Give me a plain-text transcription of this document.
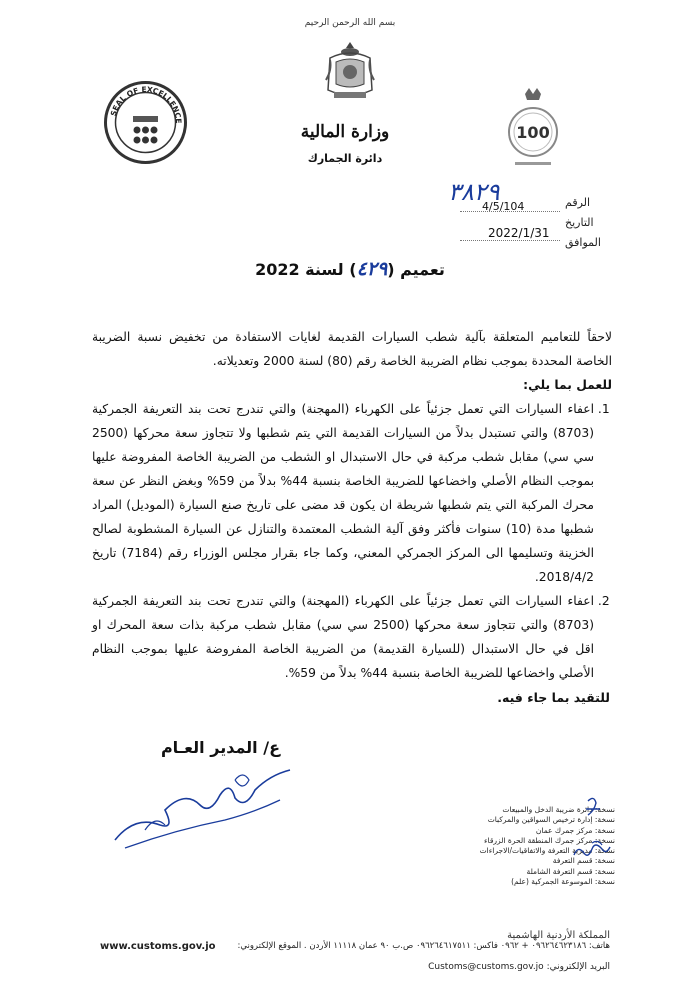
بسم الله الرحمن الرحيم
وزارة المالية
دائرة الجمارك
SEAL OF EXCELLENCE
100
٣٨٢٩	الرقم
4/5/104
التاريخ
الموافق
2022/1/31
تعميم (٤٢٩) لسنة 2022

لاحقاً للتعاميم المتعلقة بآلية شطب السيارات القديمة لغايات الاستفادة من تخفيض نسبة الضريبة الخاصة المحددة بموجب نظام الضريبة الخاصة رقم (80) لسنة 2000 وتعديلاته.

للعمل بما يلي:

1. اعفاء السيارات التي تعمل جزئياً على الكهرباء (المهجنة) والتي تندرج تحت بند التعريفة الجمركية (8703) والتي تستبدل بدلاً من السيارات القديمة التي يتم شطبها ولا تتجاوز سعة محركها (2500 سي سي) مقابل شطب مركبة في حال الاستبدال او الشطب من الضريبة الخاصة المفروضة عليها بموجب النظام الأصلي واخضاعها للضريبة الخاصة بنسبة 44% بدلاً من 59% وبغض النظر عن سعة محرك المركبة التي يتم شطبها شريطة ان يكون قد مضى على تاريخ صنع السيارة (الموديل) المراد شطبها مدة (10) سنوات فأكثر وفق آلية الشطب المعتمدة والتنازل عن السيارة المشطوبة لصالح الخزينة وتسليمها الى المركز الجمركي المعني، وكما جاء بقرار مجلس الوزراء رقم (7184) تاريخ 2018/4/2.
2. اعفاء السيارات التي تعمل جزئياً على الكهرباء (المهجنة) والتي تندرج تحت بند التعريفة الجمركية (8703) والتي تتجاوز سعة محركها (2500 سي سي) مقابل شطب مركبة بذات سعة المحرك او اقل في حال الاستبدال (للسيارة القديمة) من الضريبة الخاصة المفروضة عليها بموجب النظام الأصلي واخضاعها للضريبة الخاصة بنسبة 44% بدلاً من 59%.
للتقيد بما جاء فيه.
ع/ المدير العـام
نسخة: دائرة ضريبة الدخل والمبيعات
نسخة: إدارة ترخيص السواقين والمركبات
نسخة: مركز جمرك عمان
نسخة: مركز جمرك المنطقة الحرة الزرقاء
نسخة: مديرية التعرفة والاتفاقيات/الاجراءات
نسخة: قسم التعرفة
نسخة: قسم التعرفة الشاملة
نسخة: الموسوعة الجمركية (علم)
المملكة الأردنية الهاشمية
هاتف: ٠٩٦٢٦٤٦٢٣١٨٦ + ٠٩٦٢ فاكس: ٠٩٦٢٦٤٦١٧٥١١ ص.ب ٩٠ عمان ١١١١٨ الأردن . الموقع الإلكتروني:
www.customs.gov.jo
البريد الإلكتروني: Customs@customs.gov.jo
